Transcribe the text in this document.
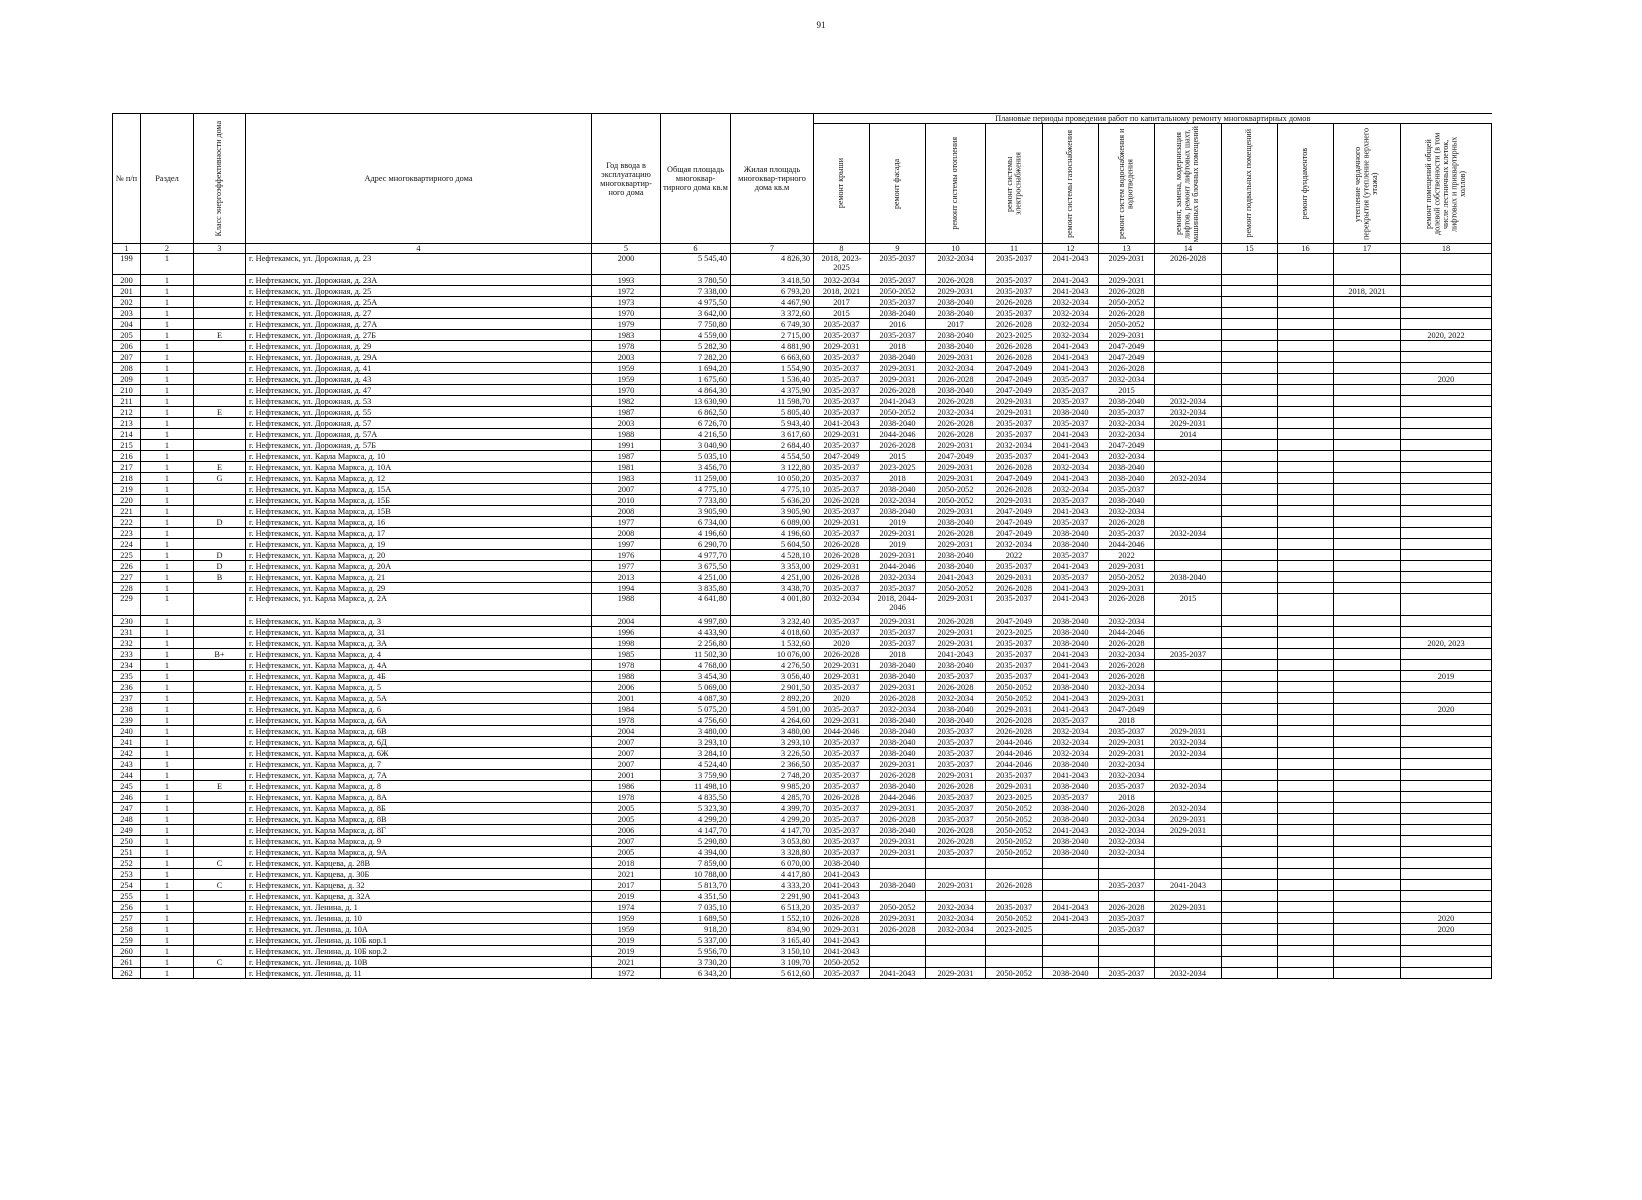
91
№ п/п	Раздел	Класс энергоэффективности дома	Адрес многоквартирного дома	Год ввода в эксплуатацию многоквартир-ного дома	Общая площадь многоквар-тирного дома кв.м	Жилая площадь многоквар-тирного дома кв.м	Плановые периоды проведения работ по капитальному ремонту многоквартирных домов										

							ремонт крыши	ремонт фасада	ремонт системы отопления	ремонт системы электроснабжения	ремонт системы газоснабжения	ремонт систем водоснабжения и водоотведения	ремонт, замена, модернизация лифтов, ремонт лифтовых шахт, машинных и блочных помещений	ремонт подвальных помещений	ремонт фундаментов	утепление чердачного перекрытия (утепление верхнего этажа)	ремонт помещений общей долевой собственности (в том числе лестничных клеток, лифтовых и приквартирных холлов)

1	2	3	4	5	6	7	8	9	10	11	12	13	14	15	16	17	18
199	1		г. Нефтекамск, ул. Дорожная, д. 23	2000	5 545,40	4 826,30	2018, 2023-2025	2035-2037	2032-2034	2035-2037	2041-2043	2029-2031	2026-2028				
200	1		г. Нефтекамск, ул. Дорожная, д. 23А	1993	3 780,50	3 418,50	2032-2034	2035-2037	2026-2028	2035-2037	2041-2043	2029-2031					
201	1		г. Нефтекамск, ул. Дорожная, д. 25	1972	7 338,00	6 793,20	2018, 2021	2050-2052	2029-2031	2035-2037	2041-2043	2026-2028				2018, 2021	
202	1		г. Нефтекамск, ул. Дорожная, д. 25А	1973	4 975,50	4 467,90	2017	2035-2037	2038-2040	2026-2028	2032-2034	2050-2052					
203	1		г. Нефтекамск, ул. Дорожная, д. 27	1970	3 642,00	3 372,60	2015	2038-2040	2038-2040	2035-2037	2032-2034	2026-2028					
204	1		г. Нефтекамск, ул. Дорожная, д. 27А	1979	7 750,80	6 749,30	2035-2037	2016	2017	2026-2028	2032-2034	2050-2052					
205	1	E	г. Нефтекамск, ул. Дорожная, д. 27Б	1983	4 559,00	2 715,00	2035-2037	2035-2037	2038-2040	2023-2025	2032-2034	2029-2031					2020, 2022
206	1		г. Нефтекамск, ул. Дорожная, д. 29	1978	5 282,30	4 881,90	2029-2031	2018	2038-2040	2026-2028	2041-2043	2047-2049					
207	1		г. Нефтекамск, ул. Дорожная, д. 29А	2003	7 282,20	6 663,60	2035-2037	2038-2040	2029-2031	2026-2028	2041-2043	2047-2049					
208	1		г. Нефтекамск, ул. Дорожная, д. 41	1959	1 694,20	1 554,90	2035-2037	2029-2031	2032-2034	2047-2049	2041-2043	2026-2028					
209	1		г. Нефтекамск, ул. Дорожная, д. 43	1959	1 675,60	1 536,40	2035-2037	2029-2031	2026-2028	2047-2049	2035-2037	2032-2034					2020
210	1		г. Нефтекамск, ул. Дорожная, д. 47	1970	4 864,30	4 375,90	2035-2037	2026-2028	2038-2040	2047-2049	2035-2037	2015					
211	1		г. Нефтекамск, ул. Дорожная, д. 53	1982	13 630,90	11 598,70	2035-2037	2041-2043	2026-2028	2029-2031	2035-2037	2038-2040	2032-2034				
212	1	E	г. Нефтекамск, ул. Дорожная, д. 55	1987	6 862,50	5 805,40	2035-2037	2050-2052	2032-2034	2029-2031	2038-2040	2035-2037	2032-2034				
213	1		г. Нефтекамск, ул. Дорожная, д. 57	2003	6 726,70	5 943,40	2041-2043	2038-2040	2026-2028	2035-2037	2035-2037	2032-2034	2029-2031				
214	1		г. Нефтекамск, ул. Дорожная, д. 57А	1988	4 216,50	3 617,60	2029-2031	2044-2046	2026-2028	2035-2037	2041-2043	2032-2034	2014				
215	1		г. Нефтекамск, ул. Дорожная, д. 57Б	1991	3 040,90	2 684,40	2035-2037	2026-2028	2029-2031	2032-2034	2041-2043	2047-2049					
216	1		г. Нефтекамск, ул. Карла Маркса, д. 10	1987	5 035,10	4 554,50	2047-2049	2015	2047-2049	2035-2037	2041-2043	2032-2034					
217	1	E	г. Нефтекамск, ул. Карла Маркса, д. 10А	1981	3 456,70	3 122,80	2035-2037	2023-2025	2029-2031	2026-2028	2032-2034	2038-2040					
218	1	G	г. Нефтекамск, ул. Карла Маркса, д. 12	1983	11 259,00	10 050,20	2035-2037	2018	2029-2031	2047-2049	2041-2043	2038-2040	2032-2034				
219	1		г. Нефтекамск, ул. Карла Маркса, д. 15А	2007	4 775,10	4 775,10	2035-2037	2038-2040	2050-2052	2026-2028	2032-2034	2035-2037					
220	1		г. Нефтекамск, ул. Карла Маркса, д. 15Б	2010	7 733,80	5 636,20	2026-2028	2032-2034	2050-2052	2029-2031	2035-2037	2038-2040					
221	1		г. Нефтекамск, ул. Карла Маркса, д. 15В	2008	3 905,90	3 905,90	2035-2037	2038-2040	2029-2031	2047-2049	2041-2043	2032-2034					
222	1	D	г. Нефтекамск, ул. Карла Маркса, д. 16	1977	6 734,00	6 089,00	2029-2031	2019	2038-2040	2047-2049	2035-2037	2026-2028					
223	1		г. Нефтекамск, ул. Карла Маркса, д. 17	2008	4 196,60	4 196,60	2035-2037	2029-2031	2026-2028	2047-2049	2038-2040	2035-2037	2032-2034				
224	1		г. Нефтекамск, ул. Карла Маркса, д. 19	1997	6 290,70	5 604,50	2026-2028	2019	2029-2031	2032-2034	2038-2040	2044-2046					
225	1	D	г. Нефтекамск, ул. Карла Маркса, д. 20	1976	4 977,70	4 528,10	2026-2028	2029-2031	2038-2040	2022	2035-2037	2022					
226	1	D	г. Нефтекамск, ул. Карла Маркса, д. 20А	1977	3 675,50	3 353,00	2029-2031	2044-2046	2038-2040	2035-2037	2041-2043	2029-2031					
227	1	B	г. Нефтекамск, ул. Карла Маркса, д. 21	2013	4 251,00	4 251,00	2026-2028	2032-2034	2041-2043	2029-2031	2035-2037	2050-2052	2038-2040				
228	1		г. Нефтекамск, ул. Карла Маркса, д. 29	1994	3 835,80	3 438,70	2035-2037	2035-2037	2050-2052	2026-2028	2041-2043	2029-2031					
229	1		г. Нефтекамск, ул. Карла Маркса, д. 2А	1988	4 641,80	4 001,80	2032-2034	2018, 2044-2046	2029-2031	2035-2037	2041-2043	2026-2028	2015				
230	1		г. Нефтекамск, ул. Карла Маркса, д. 3	2004	4 997,80	3 232,40	2035-2037	2029-2031	2026-2028	2047-2049	2038-2040	2032-2034					
231	1		г. Нефтекамск, ул. Карла Маркса, д. 31	1996	4 433,90	4 018,60	2035-2037	2035-2037	2029-2031	2023-2025	2038-2040	2044-2046					
232	1		г. Нефтекамск, ул. Карла Маркса, д. 3А	1998	2 256,80	1 532,60	2020	2035-2037	2029-2031	2035-2037	2038-2040	2026-2028					2020, 2023
233	1	B+	г. Нефтекамск, ул. Карла Маркса, д. 4	1985	11 502,30	10 076,00	2026-2028	2018	2041-2043	2035-2037	2041-2043	2032-2034	2035-2037				
234	1		г. Нефтекамск, ул. Карла Маркса, д. 4А	1978	4 768,00	4 276,50	2029-2031	2038-2040	2038-2040	2035-2037	2041-2043	2026-2028					
235	1		г. Нефтекамск, ул. Карла Маркса, д. 4Б	1988	3 454,30	3 056,40	2029-2031	2038-2040	2035-2037	2035-2037	2041-2043	2026-2028					2019
236	1		г. Нефтекамск, ул. Карла Маркса, д. 5	2006	5 069,00	2 901,50	2035-2037	2029-2031	2026-2028	2050-2052	2038-2040	2032-2034					
237	1		г. Нефтекамск, ул. Карла Маркса, д. 5А	2001	4 087,30	2 892,20	2020	2026-2028	2032-2034	2050-2052	2041-2043	2029-2031					
238	1		г. Нефтекамск, ул. Карла Маркса, д. 6	1984	5 075,20	4 591,00	2035-2037	2032-2034	2038-2040	2029-2031	2041-2043	2047-2049					2020
239	1		г. Нефтекамск, ул. Карла Маркса, д. 6А	1978	4 756,60	4 264,60	2029-2031	2038-2040	2038-2040	2026-2028	2035-2037	2018					
240	1		г. Нефтекамск, ул. Карла Маркса, д. 6В	2004	3 480,00	3 480,00	2044-2046	2038-2040	2035-2037	2026-2028	2032-2034	2035-2037	2029-2031				
241	1		г. Нефтекамск, ул. Карла Маркса, д. 6Д	2007	3 293,10	3 293,10	2035-2037	2038-2040	2035-2037	2044-2046	2032-2034	2029-2031	2032-2034				
242	1		г. Нефтекамск, ул. Карла Маркса, д. 6Ж	2007	3 284,10	3 226,50	2035-2037	2038-2040	2035-2037	2044-2046	2032-2034	2029-2031	2032-2034				
243	1		г. Нефтекамск, ул. Карла Маркса, д. 7	2007	4 524,40	2 366,50	2035-2037	2029-2031	2035-2037	2044-2046	2038-2040	2032-2034					
244	1		г. Нефтекамск, ул. Карла Маркса, д. 7А	2001	3 759,90	2 748,20	2035-2037	2026-2028	2029-2031	2035-2037	2041-2043	2032-2034					
245	1	E	г. Нефтекамск, ул. Карла Маркса, д. 8	1986	11 498,10	9 985,20	2035-2037	2038-2040	2026-2028	2029-2031	2038-2040	2035-2037	2032-2034				
246	1		г. Нефтекамск, ул. Карла Маркса, д. 8А	1978	4 835,50	4 285,70	2026-2028	2044-2046	2035-2037	2023-2025	2035-2037	2018					
247	1		г. Нефтекамск, ул. Карла Маркса, д. 8Б	2005	5 323,30	4 399,70	2035-2037	2029-2031	2035-2037	2050-2052	2038-2040	2026-2028	2032-2034				
248	1		г. Нефтекамск, ул. Карла Маркса, д. 8В	2005	4 299,20	4 299,20	2035-2037	2026-2028	2035-2037	2050-2052	2038-2040	2032-2034	2029-2031				
249	1		г. Нефтекамск, ул. Карла Маркса, д. 8Г	2006	4 147,70	4 147,70	2035-2037	2038-2040	2026-2028	2050-2052	2041-2043	2032-2034	2029-2031				
250	1		г. Нефтекамск, ул. Карла Маркса, д. 9	2007	5 290,80	3 053,80	2035-2037	2029-2031	2026-2028	2050-2052	2038-2040	2032-2034					
251	1		г. Нефтекамск, ул. Карла Маркса, д. 9А	2005	4 394,00	3 328,80	2035-2037	2029-2031	2035-2037	2050-2052	2038-2040	2032-2034					
252	1	C	г. Нефтекамск, ул. Карцева, д. 28В	2018	7 859,00	6 070,00	2038-2040										
253	1		г. Нефтекамск, ул. Карцева, д. 30Б	2021	10 788,00	4 417,80	2041-2043										
254	1	C	г. Нефтекамск, ул. Карцева, д. 32	2017	5 813,70	4 333,20	2041-2043	2038-2040	2029-2031	2026-2028		2035-2037	2041-2043				
255	1		г. Нефтекамск, ул. Карцева, д. 32А	2019	4 351,50	2 291,90	2041-2043										
256	1		г. Нефтекамск, ул. Ленина, д. 1	1974	7 035,10	6 513,20	2035-2037	2050-2052	2032-2034	2035-2037	2041-2043	2026-2028	2029-2031				
257	1		г. Нефтекамск, ул. Ленина, д. 10	1959	1 689,50	1 552,10	2026-2028	2029-2031	2032-2034	2050-2052	2041-2043	2035-2037					2020
258	1		г. Нефтекамск, ул. Ленина, д. 10А	1959	918,20	834,90	2029-2031	2026-2028	2032-2034	2023-2025		2035-2037					2020
259	1		г. Нефтекамск, ул. Ленина, д. 10Б кор.1	2019	5 337,00	3 165,40	2041-2043										
260	1		г. Нефтекамск, ул. Ленина, д. 10Б кор.2	2019	5 956,70	3 150,10	2041-2043										
261	1	C	г. Нефтекамск, ул. Ленина, д. 10В	2021	3 730,20	3 109,70	2050-2052										
262	1		г. Нефтекамск, ул. Ленина, д. 11	1972	6 343,20	5 612,60	2035-2037	2041-2043	2029-2031	2050-2052	2038-2040	2035-2037	2032-2034				
